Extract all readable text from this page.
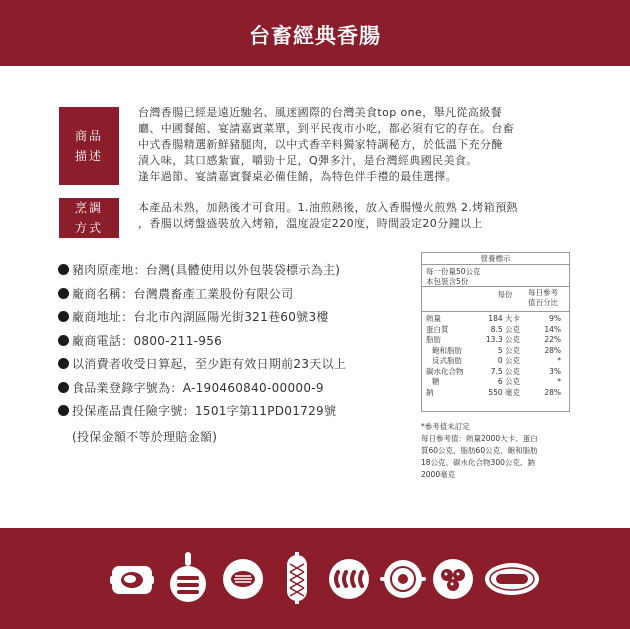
台畜經典香腸
商品
描述
台灣香腸已經是遠近馳名、風迷國際的台灣美食top one，舉凡從高級餐
廳、中國餐館、宴請嘉賓菜單，到平民夜市小吃，都必須有它的存在。台畜
中式香腸精選新鮮豬腿肉，以中式香辛料獨家特調秘方，於低溫下充分醃
漬入味，其口感紮實，嚼勁十足，Q彈多汁，是台灣經典國民美食。
逢年過節、宴請嘉賓餐桌必備佳餚，為特色伴手禮的最佳選擇。
烹調
方式
本產品未熟，加熱後才可食用。1.油煎熱後，放入香腸慢火煎熟 2.烤箱預熱
，香腸以烤盤盛裝放入烤箱，溫度設定220度，時間設定20分鐘以上
豬肉原產地：台灣(具體使用以外包裝袋標示為主)
廠商名稱：台灣農畜產工業股份有限公司
廠商地址：台北市內湖區陽光街321巷60號3樓
廠商電話：0800-211-956
以消費者收受日算起，至少距有效日期前23天以上
食品業登錄字號為：A-190460840-00000-9
投保產品責任險字號：1501字第11PD01729號
(投保金額不等於理賠金額)
營養標示
每一份量50公克
本包裝含5份
每份	每日參考
值百分比
熱量	184 大卡	9%
蛋白質	8.5 公克	14%
脂肪	13.3 公克	22%
飽和脂肪	5 公克	28%
反式脂肪	0 公克	*
碳水化合物	7.5 公克	3%
糖	6 公克	*
鈉	550 毫克	28%
*參考值未訂定
每日參考值：熱量2000大卡、蛋白
質60公克、脂肪60公克、飽和脂肪
18公克、碳水化合物300公克、鈉
2000毫克
